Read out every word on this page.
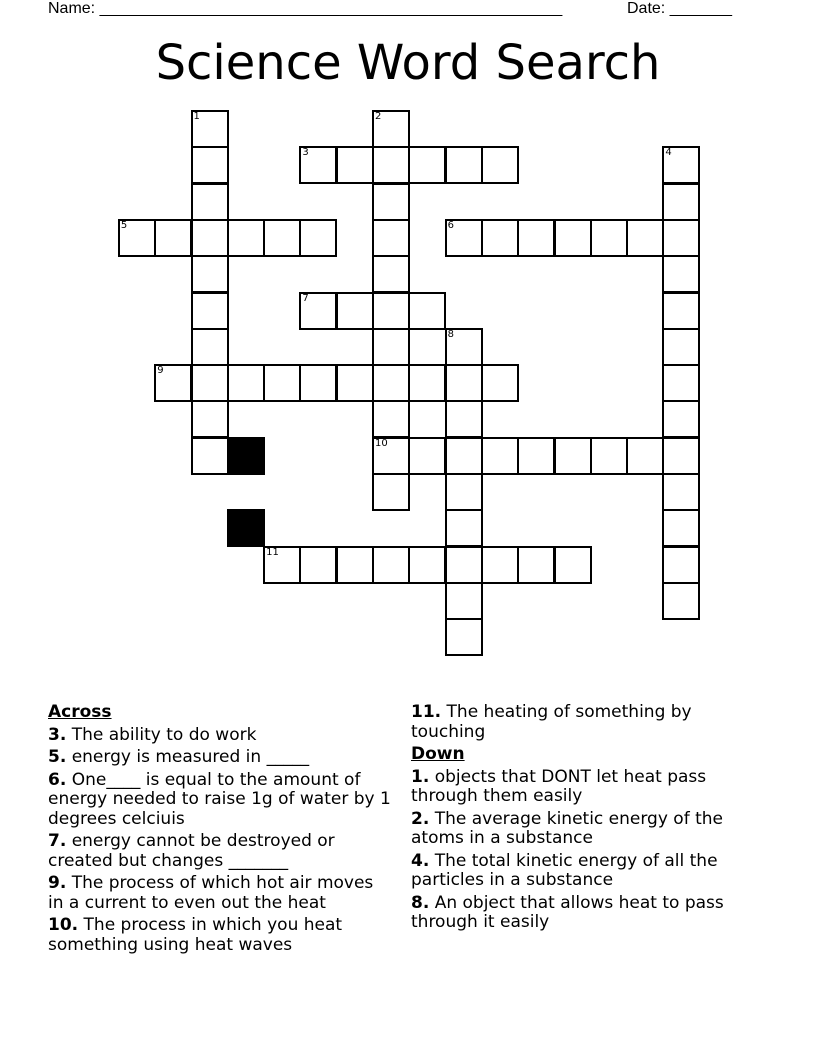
Name: ____________________________________________________	Date: _______
Science Word Search
1	2
10
3	4
5	6
7
8
9
11
Across
3. The ability to do work
5. energy is measured in _____
6. One____ is equal to the amount of energy needed to raise 1g of water by 1 degrees celciuis
7. energy cannot be destroyed or created but changes _______
9. The process of which hot air moves in a current to even out the heat
10. The process in which you heat something using heat waves
11. The heating of something by touching
Down
1. objects that DONT let heat pass through them easily
2. The average kinetic energy of the atoms in a substance
4. The total kinetic energy of all the particles in a substance
8. An object that allows heat to pass through it easily
